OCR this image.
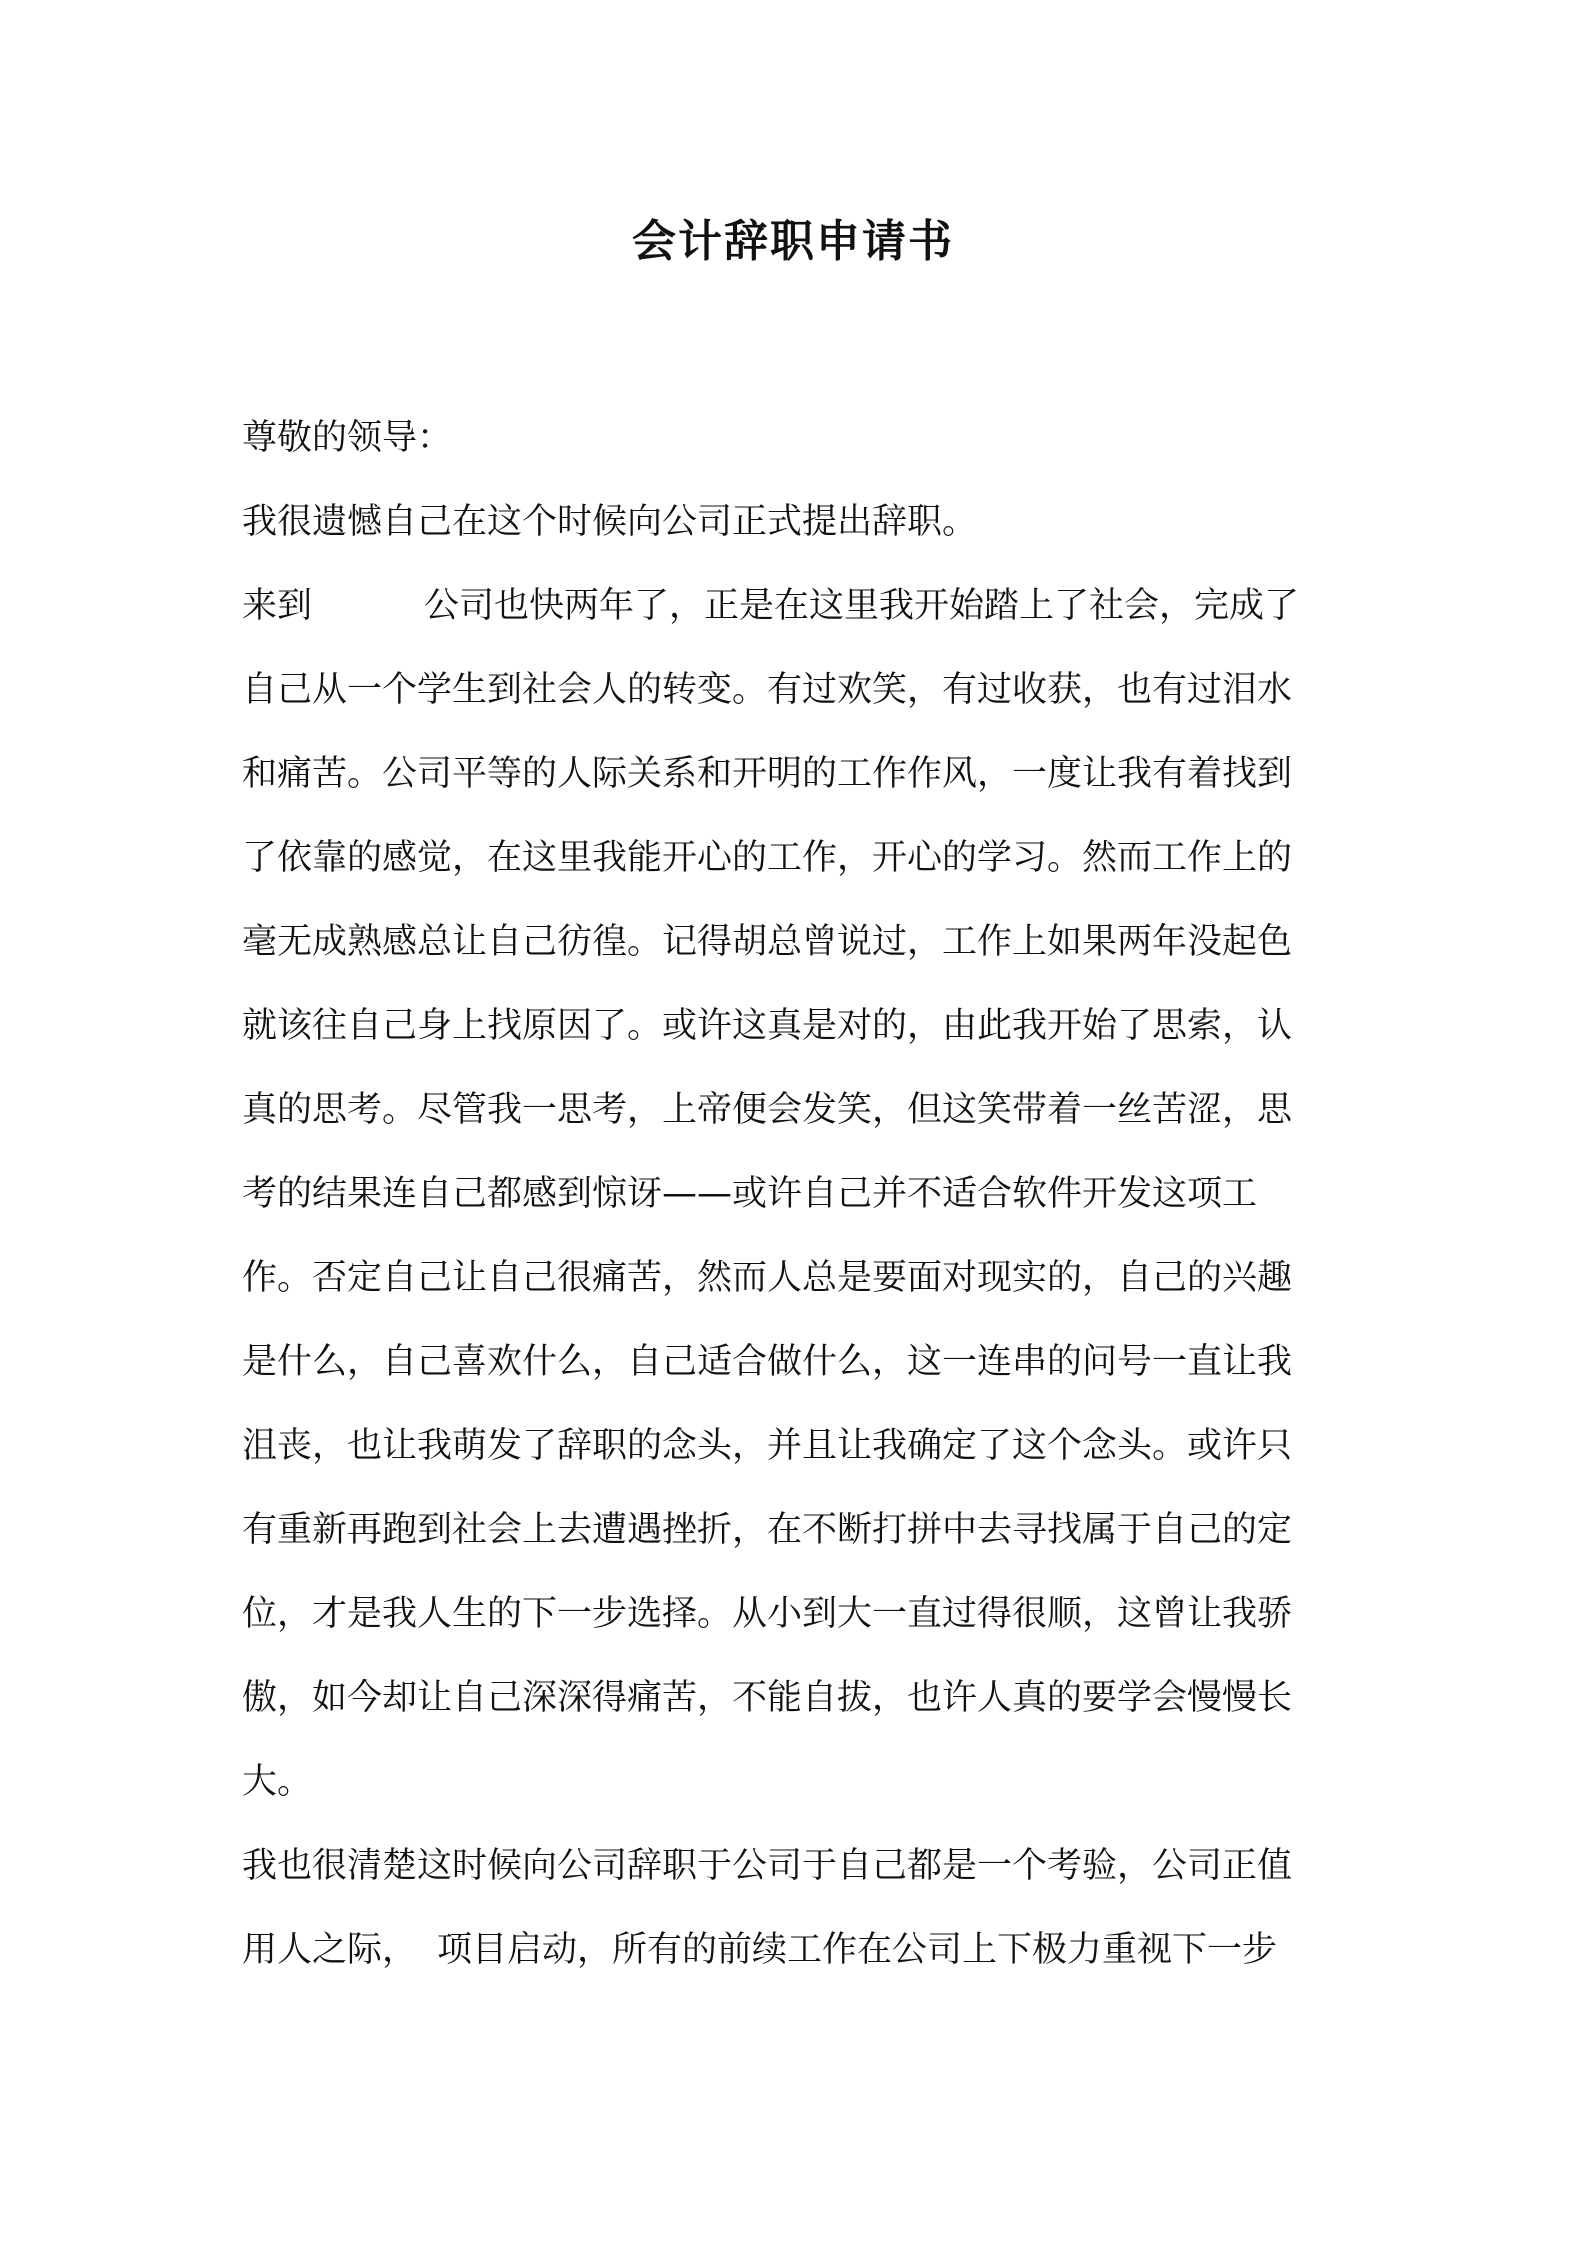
会计辞职申请书

尊敬的领导：

我很遗憾自己在这个时候向公司正式提出辞职。

来到	公司也快两年了，正是在这里我开始踏上了社会，完成了
自己从一个学生到社会人的转变。有过欢笑，有过收获，也有过泪水
和痛苦。公司平等的人际关系和开明的工作作风，一度让我有着找到
了依靠的感觉，在这里我能开心的工作，开心的学习。然而工作上的
毫无成熟感总让自己彷徨。记得胡总曾说过，工作上如果两年没起色
就该往自己身上找原因了。或许这真是对的，由此我开始了思索，认
真的思考。尽管我一思考，上帝便会发笑，但这笑带着一丝苦涩，思
考的结果连自己都感到惊讶——或许自己并不适合软件开发这项工
作。否定自己让自己很痛苦，然而人总是要面对现实的，自己的兴趣
是什么，自己喜欢什么，自己适合做什么，这一连串的问号一直让我
沮丧，也让我萌发了辞职的念头，并且让我确定了这个念头。或许只
有重新再跑到社会上去遭遇挫折，在不断打拼中去寻找属于自己的定
位，才是我人生的下一步选择。从小到大一直过得很顺，这曾让我骄
傲，如今却让自己深深得痛苦，不能自拔，也许人真的要学会慢慢长
大。
我也很清楚这时候向公司辞职于公司于自己都是一个考验，公司正值
用人之际， 项目启动，所有的前续工作在公司上下极力重视下一步
